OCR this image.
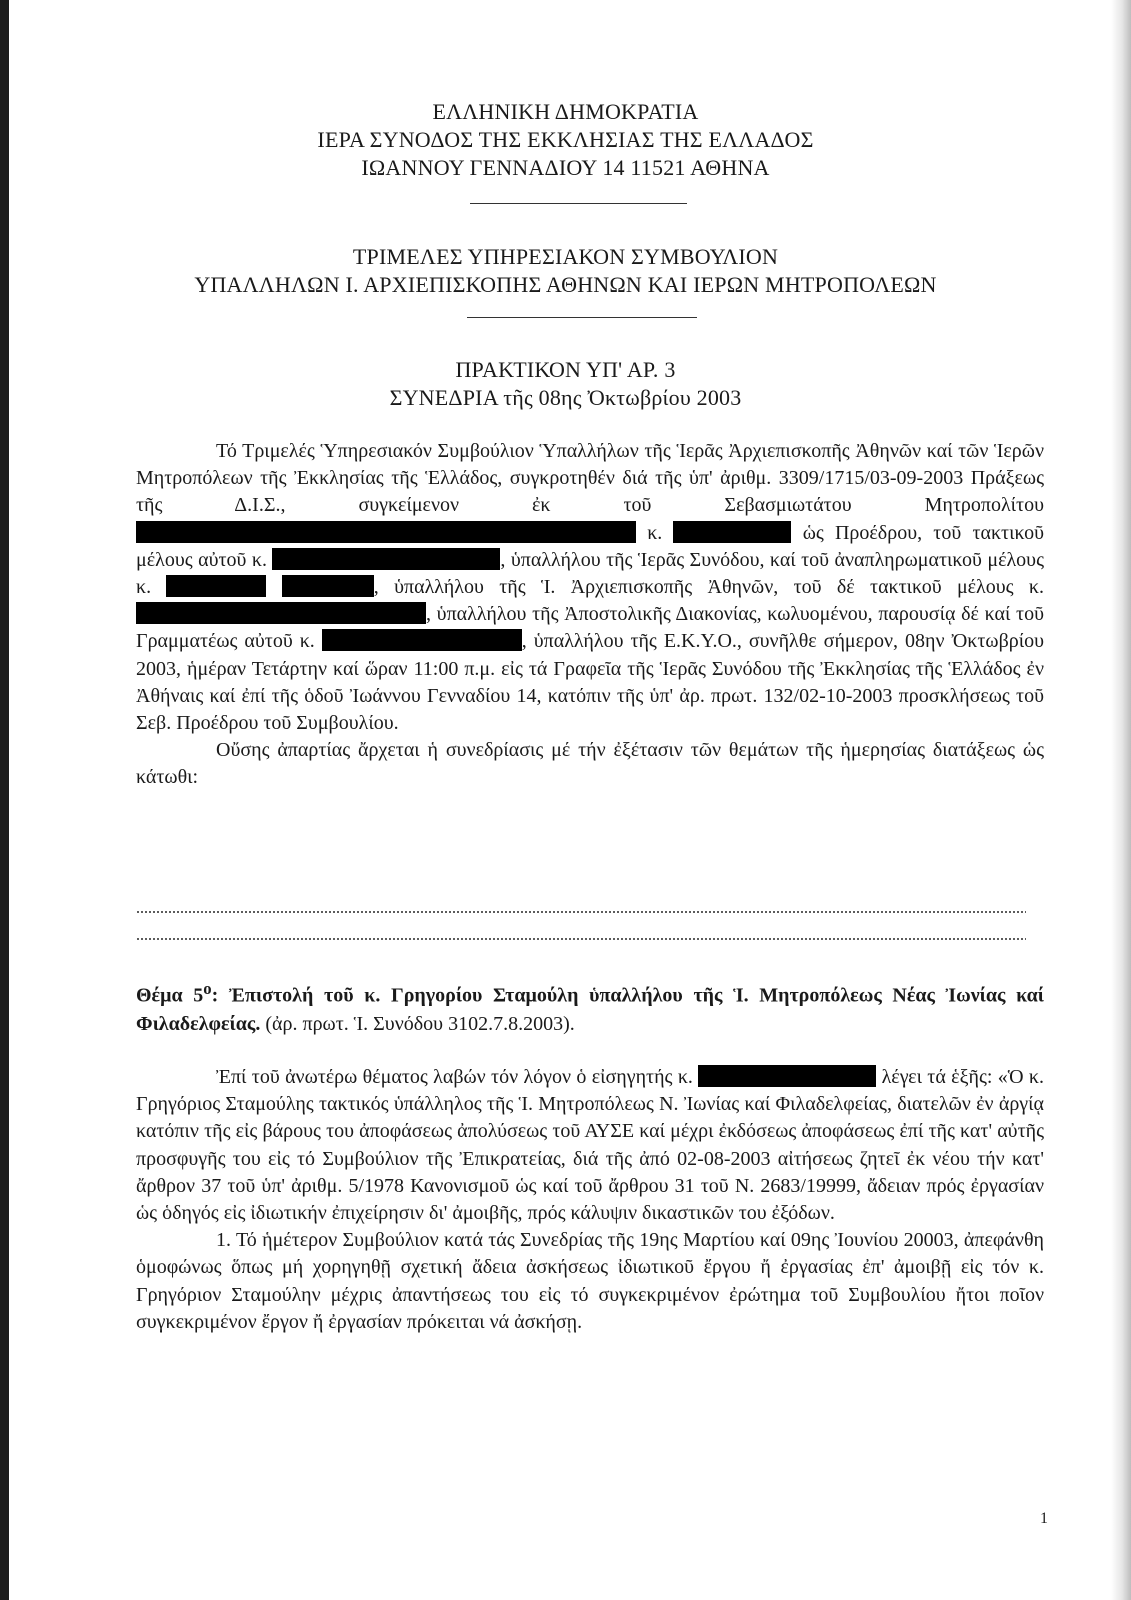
ΕΛΛΗΝΙΚΗ ΔΗΜΟΚΡΑΤΙΑ
ΙΕΡΑ ΣΥΝΟΔΟΣ ΤΗΣ ΕΚΚΛΗΣΙΑΣ ΤΗΣ ΕΛΛΑΔΟΣ
ΙΩΑΝΝΟΥ ΓΕΝΝΑΔΙΟΥ 14 11521 ΑΘΗΝΑ
ΤΡΙΜΕΛΕΣ ΥΠΗΡΕΣΙΑΚΟΝ ΣΥΜΒΟΥΛΙΟΝ
ΥΠΑΛΛΗΛΩΝ Ι. ΑΡΧΙΕΠΙΣΚΟΠΗΣ ΑΘΗΝΩΝ ΚΑΙ ΙΕΡΩΝ ΜΗΤΡΟΠΟΛΕΩΝ
ΠΡΑΚΤΙΚΟΝ ΥΠ' ΑΡ. 3
ΣΥΝΕΔΡΙΑ τῆς 08ης Ὀκτωβρίου 2003

Τό Τριμελές Ὑπηρεσιακόν Συμβούλιον Ὑπαλλήλων τῆς Ἱερᾶς Ἀρχιεπισκοπῆς Ἀθηνῶν καί τῶν Ἱερῶν Μητροπόλεων τῆς Ἐκκλησίας τῆς Ἑλλάδος, συγκροτηθέν διά τῆς ὑπ' ἀριθμ. 3309/1715/03-09-2003 Πράξεως τῆς Δ.Ι.Σ., συγκείμενον ἐκ τοῦ Σεβασμιωτάτου Μητροπολίτου  κ.	ὡς Προέδρου, τοῦ τακτικοῦ μέλους αὐτοῦ κ.	, ὑπαλλήλου τῆς Ἱερᾶς Συνόδου, καί τοῦ ἀναπληρωματικοῦ μέλους κ.	, ὑπαλλήλου τῆς Ἱ. Ἀρχιεπισκοπῆς Ἀθηνῶν, τοῦ δέ τακτικοῦ μέλους κ. , ὑπαλλήλου τῆς Ἀποστολικῆς Διακονίας, κωλυομένου, παρουσίᾳ δέ καί τοῦ Γραμματέως αὐτοῦ κ.	, ὑπαλλήλου τῆς Ε.Κ.Υ.Ο., συνῆλθε σήμερον, 08ην Ὀκτωβρίου 2003, ἡμέραν Τετάρτην καί ὥραν 11:00 π.μ. εἰς τά Γραφεῖα τῆς Ἱερᾶς Συνόδου τῆς Ἐκκλησίας τῆς Ἑλλάδος ἐν Ἀθήναις καί ἐπί τῆς ὁδοῦ Ἰωάννου Γενναδίου 14, κατόπιν τῆς ὑπ' ἀρ. πρωτ. 132/02-10-2003 προσκλήσεως τοῦ Σεβ. Προέδρου τοῦ Συμβουλίου.

Οὔσης ἀπαρτίας ἄρχεται ἡ συνεδρίασις μέ τήν ἐξέτασιν τῶν θεμάτων τῆς ἡμερησίας διατάξεως ὡς κάτωθι:

Θέμα $5^o$: Ἐπιστολή τοῦ κ. Γρηγορίου Σταμούλη ὑπαλλήλου τῆς Ἱ. Μητροπόλεως Νέας Ἰωνίας καί Φιλαδελφείας. (ἀρ. πρωτ. Ἱ. Συνόδου 3102.7.8.2003).

Ἐπί τοῦ ἀνωτέρω θέματος λαβών τόν λόγον ὁ εἰσηγητής κ.	λέγει τά ἑξῆς: «Ὁ κ. Γρηγόριος Σταμούλης τακτικός ὑπάλληλος τῆς Ἱ. Μητροπόλεως Ν. Ἰωνίας καί Φιλαδελφείας, διατελῶν ἐν ἀργίᾳ κατόπιν τῆς εἰς βάρους του ἀποφάσεως ἀπολύσεως τοῦ ΑΥΣΕ καί μέχρι ἐκδόσεως ἀποφάσεως ἐπί τῆς κατ' αὐτῆς προσφυγῆς του εἰς τό Συμβούλιον τῆς Ἐπικρατείας, διά τῆς ἀπό 02-08-2003 αἰτήσεως ζητεῖ ἐκ νέου τήν κατ' ἄρθρον 37 τοῦ ὑπ' ἀριθμ. 5/1978 Κανονισμοῦ ὡς καί τοῦ ἄρθρου 31 τοῦ Ν. 2683/19999, ἄδειαν πρός ἐργασίαν ὡς ὁδηγός εἰς ἰδιωτικήν ἐπιχείρησιν δι' ἀμοιβῆς, πρός κάλυψιν δικαστικῶν του ἐξόδων.

1. Τό ἡμέτερον Συμβούλιον κατά τάς Συνεδρίας τῆς 19ης Μαρτίου καί 09ης Ἰουνίου 20003, ἀπεφάνθη ὁμοφώνως ὅπως μή χορηγηθῇ σχετική ἄδεια ἀσκήσεως ἰδιωτικοῦ ἔργου ἤ ἐργασίας ἐπ' ἀμοιβῇ εἰς τόν κ. Γρηγόριον Σταμούλην μέχρις ἀπαντήσεως του εἰς τό συγκεκριμένον ἐρώτημα τοῦ Συμβουλίου ἤτοι ποῖον συγκεκριμένον ἔργον ἤ ἐργασίαν πρόκειται νά ἀσκήσῃ.

1
